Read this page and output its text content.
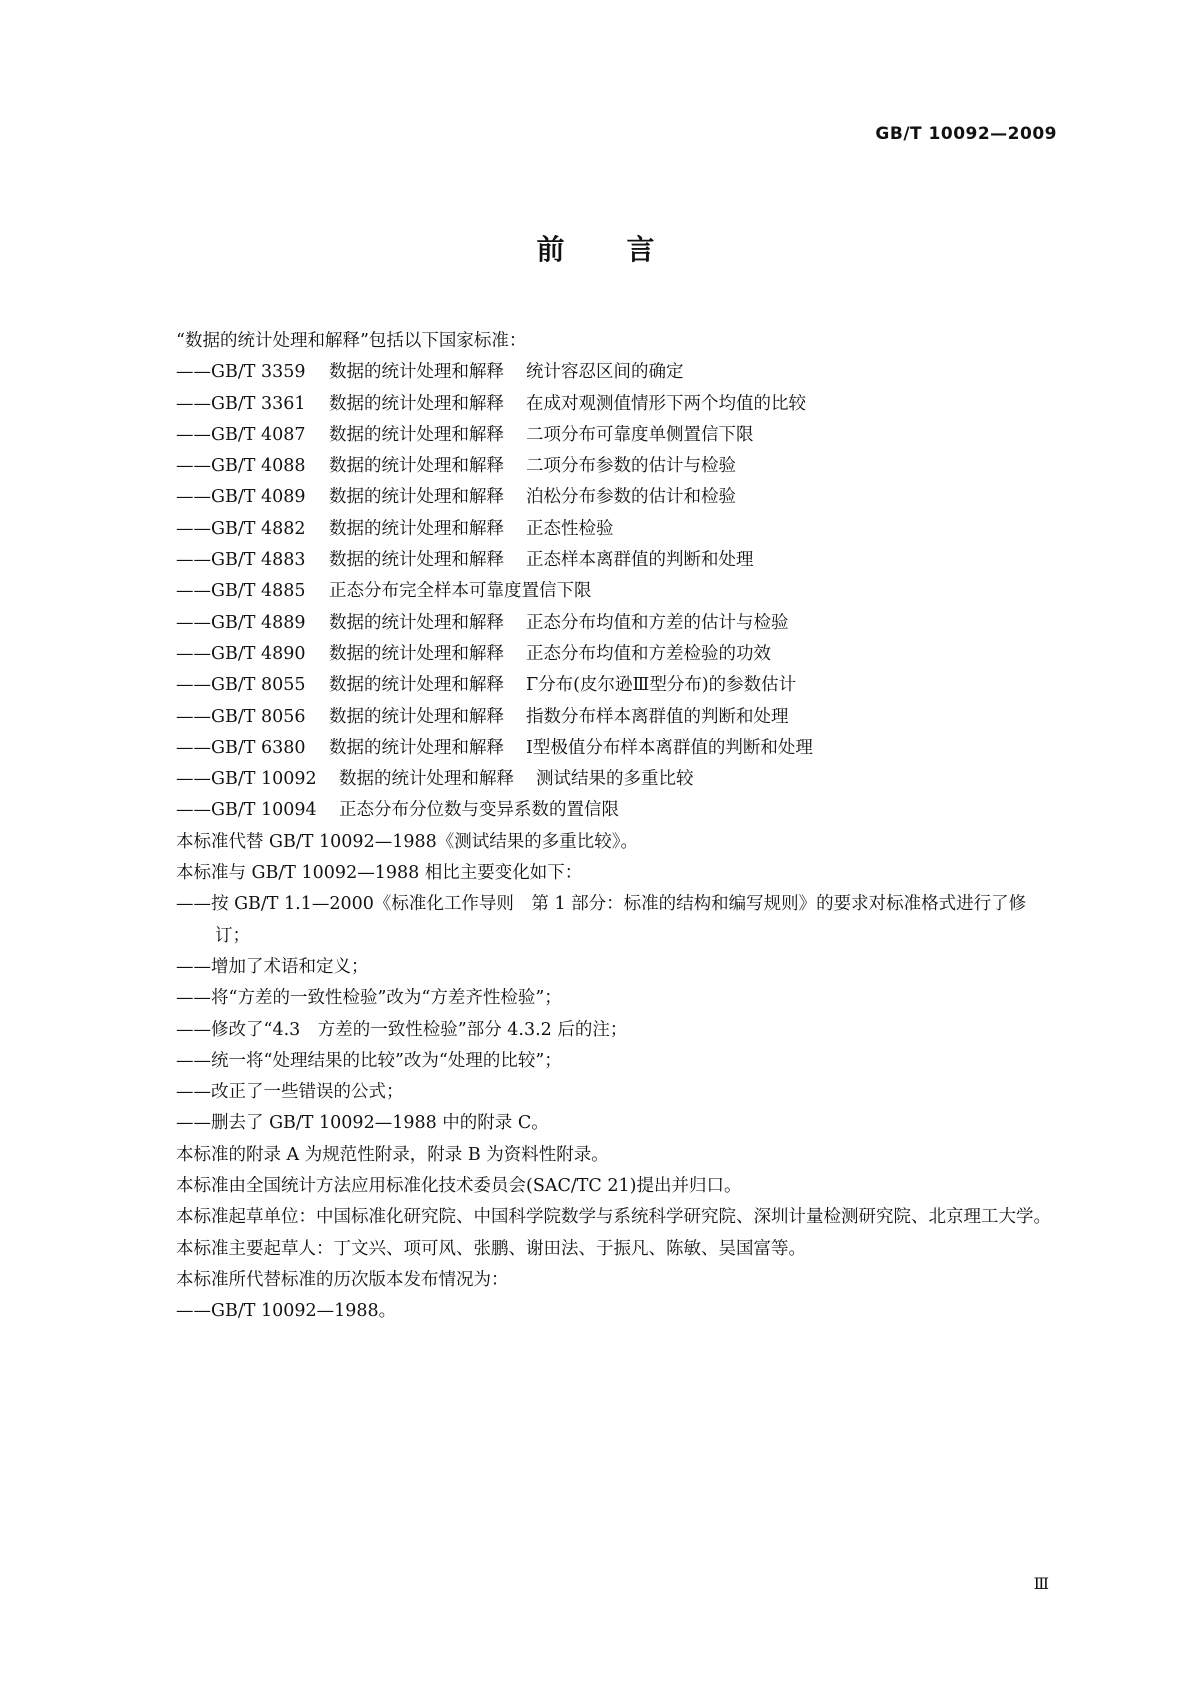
GB/T 10092—2009
前言

“数据的统计处理和解释”包括以下国家标准：

——GB/T 3359 数据的统计处理和解释 统计容忍区间的确定

——GB/T 3361 数据的统计处理和解释 在成对观测值情形下两个均值的比较

——GB/T 4087 数据的统计处理和解释 二项分布可靠度单侧置信下限

——GB/T 4088 数据的统计处理和解释 二项分布参数的估计与检验

——GB/T 4089 数据的统计处理和解释 泊松分布参数的估计和检验

——GB/T 4882 数据的统计处理和解释 正态性检验

——GB/T 4883 数据的统计处理和解释 正态样本离群值的判断和处理

——GB/T 4885 正态分布完全样本可靠度置信下限

——GB/T 4889 数据的统计处理和解释 正态分布均值和方差的估计与检验

——GB/T 4890 数据的统计处理和解释 正态分布均值和方差检验的功效

——GB/T 8055 数据的统计处理和解释 Γ分布(皮尔逊Ⅲ型分布)的参数估计

——GB/T 8056 数据的统计处理和解释 指数分布样本离群值的判断和处理

——GB/T 6380 数据的统计处理和解释 Ⅰ型极值分布样本离群值的判断和处理

——GB/T 10092 数据的统计处理和解释 测试结果的多重比较

——GB/T 10094 正态分布分位数与变异系数的置信限

本标准代替 GB/T 10092—1988《测试结果的多重比较》。

本标准与 GB/T 10092—1988 相比主要变化如下：

——按 GB/T 1.1—2000《标准化工作导则　第 1 部分：标准的结构和编写规则》的要求对标准格式进行了修订；

——增加了术语和定义；

——将“方差的一致性检验”改为“方差齐性检验”；

——修改了“4.3　方差的一致性检验”部分 4.3.2 后的注；

——统一将“处理结果的比较”改为“处理的比较”；

——改正了一些错误的公式；

——删去了 GB/T 10092—1988 中的附录 C。

本标准的附录 A 为规范性附录，附录 B 为资料性附录。

本标准由全国统计方法应用标准化技术委员会(SAC/TC 21)提出并归口。

本标准起草单位：中国标准化研究院、中国科学院数学与系统科学研究院、深圳计量检测研究院、北京理工大学。

本标准主要起草人：丁文兴、项可风、张鹏、谢田法、于振凡、陈敏、吴国富等。

本标准所代替标准的历次版本发布情况为：

——GB/T 10092—1988。

Ⅲ
